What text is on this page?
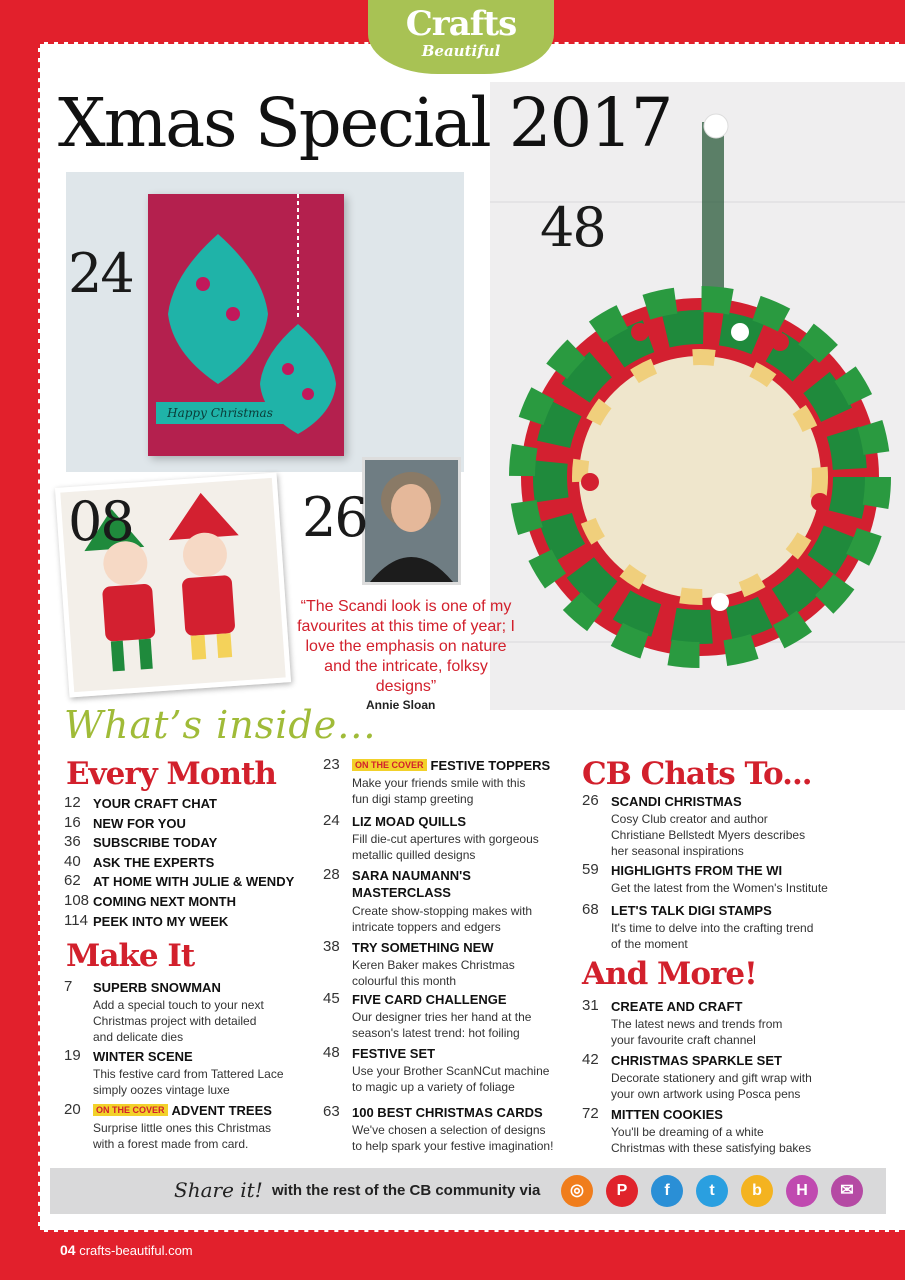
Crafts
Beautiful
Happy Christmas
Xmas Special 2017
24
48
08	26
“The Scandi look is one of my favourites at this time of year; I love the emphasis on nature and the intricate, folksy designs”
Annie Sloan
What’s inside...
Every Month
Make It
CB Chats To...
And More!
Share it! with the rest of the CB community via	◎	P	f	t	b	H	✉
04 crafts-beautiful.com
12 YOUR CRAFT CHAT
16 NEW FOR YOU
36 SUBSCRIBE TODAY
40 ASK THE EXPERTS
62 AT HOME WITH JULIE & WENDY
108 COMING NEXT MONTH
114 PEEK INTO MY WEEK
7 SUPERB SNOWMAN
Add a special touch to your next
Christmas project with detailed
and delicate dies
19 WINTER SCENE
This festive card from Tattered Lace
simply oozes vintage luxe
20	ON THE COVER ADVENT TREES
Surprise little ones this Christmas
with a forest made from card.
23	ON THE COVER FESTIVE TOPPERS
Make your friends smile with this
fun digi stamp greeting
24 LIZ MOAD QUILLS
Fill die-cut apertures with gorgeous
metallic quilled designs
28 SARA NAUMANN'S
MASTERCLASS
Create show-stopping makes with
intricate toppers and edgers
38 TRY SOMETHING NEW
Keren Baker makes Christmas
colourful this month
45 FIVE CARD CHALLENGE
Our designer tries her hand at the
season's latest trend: hot foiling
48 FESTIVE SET
Use your Brother ScanNCut machine
to magic up a variety of foliage
63 100 BEST CHRISTMAS CARDS
We've chosen a selection of designs
to help spark your festive imagination!
26 SCANDI CHRISTMAS
Cosy Club creator and author
Christiane Bellstedt Myers describes
her seasonal inspirations
59 HIGHLIGHTS FROM THE WI
Get the latest from the Women's Institute
68 LET'S TALK DIGI STAMPS
It's time to delve into the crafting trend
of the moment
31 CREATE AND CRAFT
The latest news and trends from
your favourite craft channel
42 CHRISTMAS SPARKLE SET
Decorate stationery and gift wrap with
your own artwork using Posca pens
72 MITTEN COOKIES
You'll be dreaming of a white
Christmas with these satisfying bakes
